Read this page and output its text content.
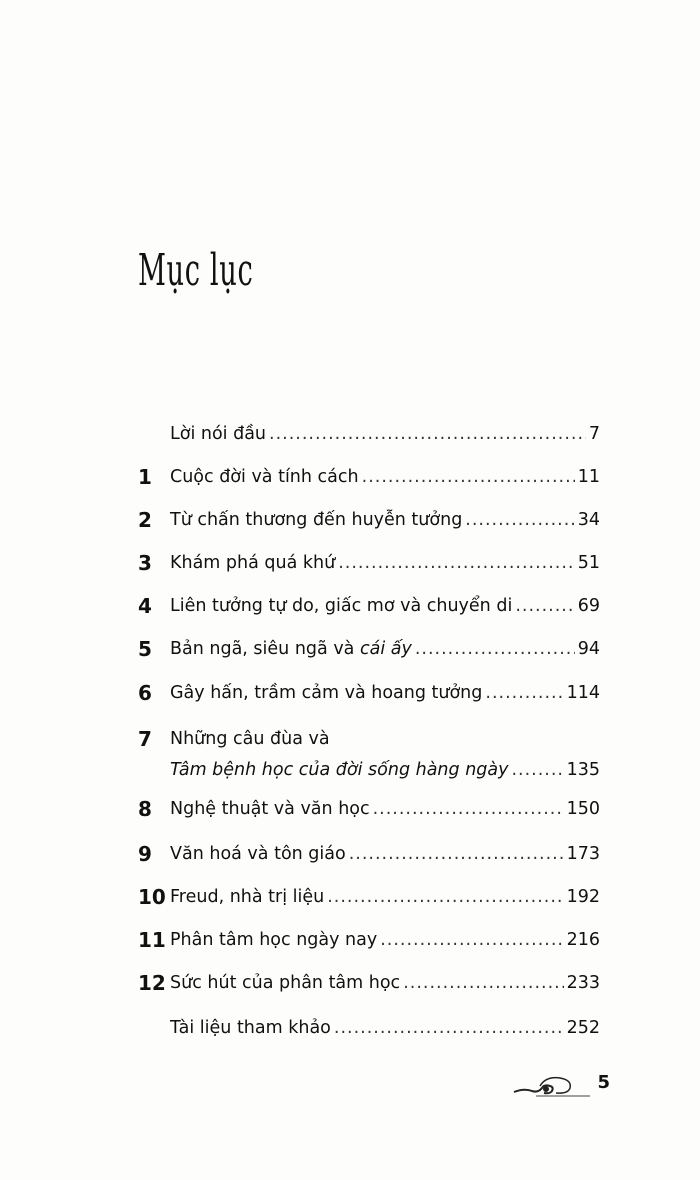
Mục lục
Lời nói đầu .....	7
1 Cuộc đời và tính cách .....	11
2 Từ chấn thương đến huyễn tưởng .....	34
3 Khám phá quá khứ .....	51
4 Liên tưởng tự do, giấc mơ và chuyển di .....	69
5 Bản ngã, siêu ngã và cái ấy .....	94
6 Gây hấn, trầm cảm và hoang tưởng .....	114
7 Những câu đùa và
Tâm bệnh học của đời sống hàng ngày .....	135
8 Nghệ thuật và văn học .....	150
9 Văn hoá và tôn giáo .....	173
10 Freud, nhà trị liệu .....	192
11 Phân tâm học ngày nay .....	216
12 Sức hút của phân tâm học .....	233
Tài liệu tham khảo .....	252
5
